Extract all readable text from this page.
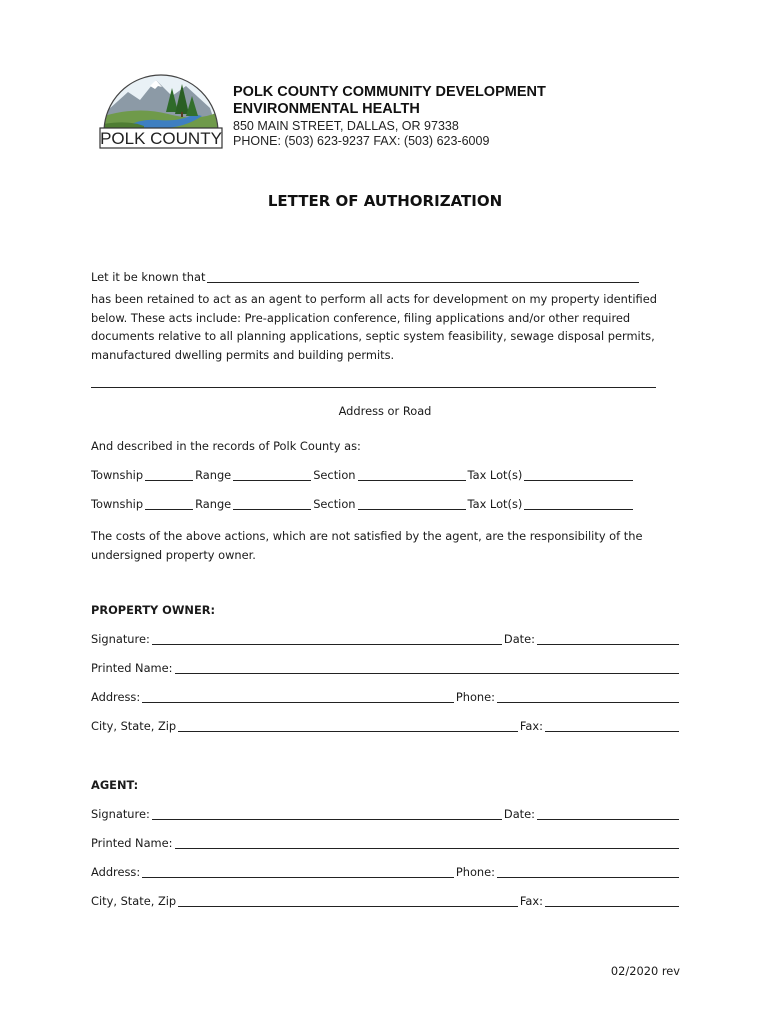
POLK COUNTY
POLK COUNTY COMMUNITY DEVELOPMENT
ENVIRONMENTAL HEALTH
850 MAIN STREET, DALLAS, OR 97338
PHONE: (503) 623-9237 FAX: (503) 623-6009
LETTER OF AUTHORIZATION
Let it be known that
has been retained to act as an agent to perform all acts for development on my property identified
below. These acts include: Pre-application conference, filing applications and/or other required
documents relative to all planning applications, septic system feasibility, sewage disposal permits,
manufactured dwelling permits and building permits.
Address or Road
And described in the records of Polk County as:
Township	Range	Section	Tax Lot(s)
Township	Range	Section	Tax Lot(s)
The costs of the above actions, which are not satisfied by the agent, are the responsibility of the
undersigned property owner.
PROPERTY OWNER:
Signature:	Date:
Printed Name:
Address:	Phone:
City, State, Zip	Fax:
AGENT:
Signature:	Date:
Printed Name:
Address:	Phone:
City, State, Zip	Fax:
02/2020 rev
